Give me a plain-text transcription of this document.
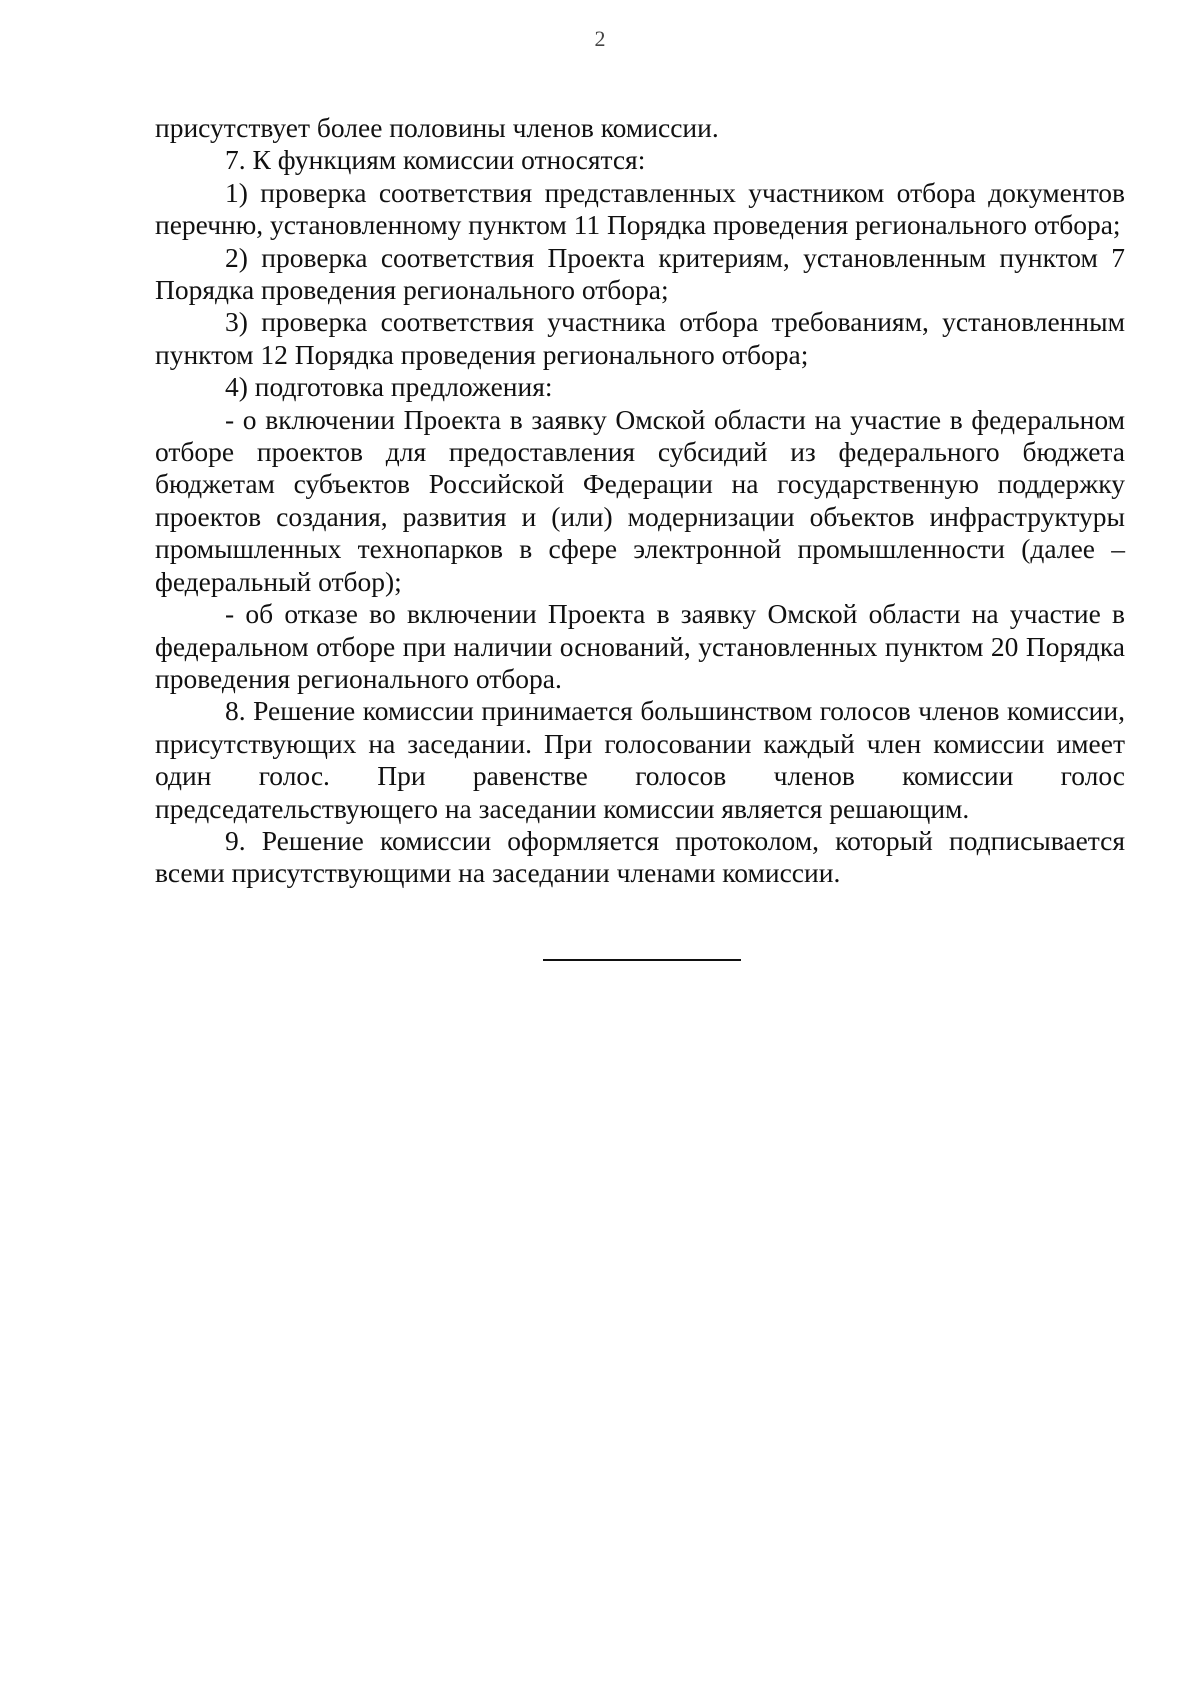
2

присутствует более половины членов комиссии.

7. К функциям комиссии относятся:

1) проверка соответствия представленных участником отбора документов перечню, установленному пунктом 11 Порядка проведения регионального отбора;

2) проверка соответствия Проекта критериям, установленным пунктом 7 Порядка проведения регионального отбора;

3) проверка соответствия участника отбора требованиям, установленным пунктом 12 Порядка проведения регионального отбора;

4) подготовка предложения:

- о включении Проекта в заявку Омской области на участие в федеральном отборе проектов для предоставления субсидий из федерального бюджета бюджетам субъектов Российской Федерации на государственную поддержку проектов создания, развития и (или) модернизации объектов инфраструктуры промышленных технопарков в сфере электронной промышленности (далее – федеральный отбор);

- об отказе во включении Проекта в заявку Омской области на участие в федеральном отборе при наличии оснований, установленных пунктом 20 Порядка проведения регионального отбора.

8. Решение комиссии принимается большинством голосов членов комиссии, присутствующих на заседании. При голосовании каждый член комиссии имеет один голос. При равенстве голосов членов комиссии голос председательствующего на заседании комиссии является решающим.

9. Решение комиссии оформляется протоколом, который подписывается всеми присутствующими на заседании членами комиссии.
